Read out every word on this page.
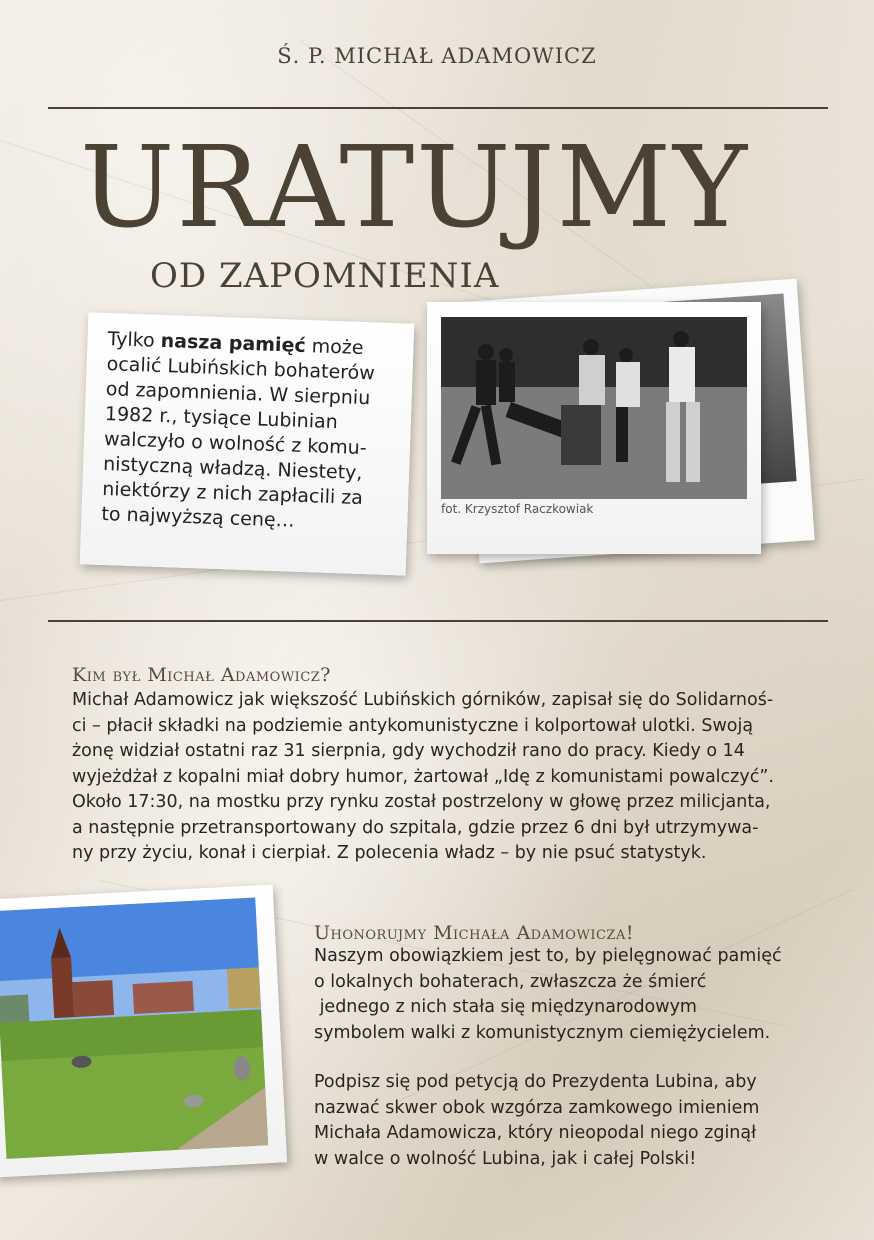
Ś. P. MICHAŁ ADAMOWICZ
URATUJMY
OD ZAPOMNIENIA
Tylko nasza pamięć może
ocalić Lubińskich bohaterów
od zapomnienia. W sierpniu
1982 r., tysiące Lubinian
walczyło o wolność z komu-
nistyczną władzą. Niestety,
niektórzy z nich zapłacili za
to najwyższą cenę…	fot. Krzysztof Raczkowiak
Kim był Michał Adamowicz?

Michał Adamowicz jak większość Lubińskich górników, zapisał się do Solidarnoś-

ci – płacił składki na podziemie antykomunistyczne i kolportował ulotki. Swoją

żonę widział ostatni raz 31 sierpnia, gdy wychodził rano do pracy. Kiedy o 14

wyjeżdżał z kopalni miał dobry humor, żartował „Idę z komunistami powalczyć”.

Około 17:30, na mostku przy rynku został postrzelony w głowę przez milicjanta,

a następnie przetransportowany do szpitala, gdzie przez 6 dni był utrzymywa-

ny przy życiu, konał i cierpiał. Z polecenia władz – by nie psuć statystyk.

Uhonorujmy Michała Adamowicza!

Naszym obowiązkiem jest to, by pielęgnować pamięć

o lokalnych bohaterach, zwłaszcza że śmierć

jednego z nich stała się międzynarodowym

symbolem walki z komunistycznym ciemiężycielem.

Podpisz się pod petycją do Prezydenta Lubina, aby

nazwać skwer obok wzgórza zamkowego imieniem

Michała Adamowicza, który nieopodal niego zginął

w walce o wolność Lubina, jak i całej Polski!
